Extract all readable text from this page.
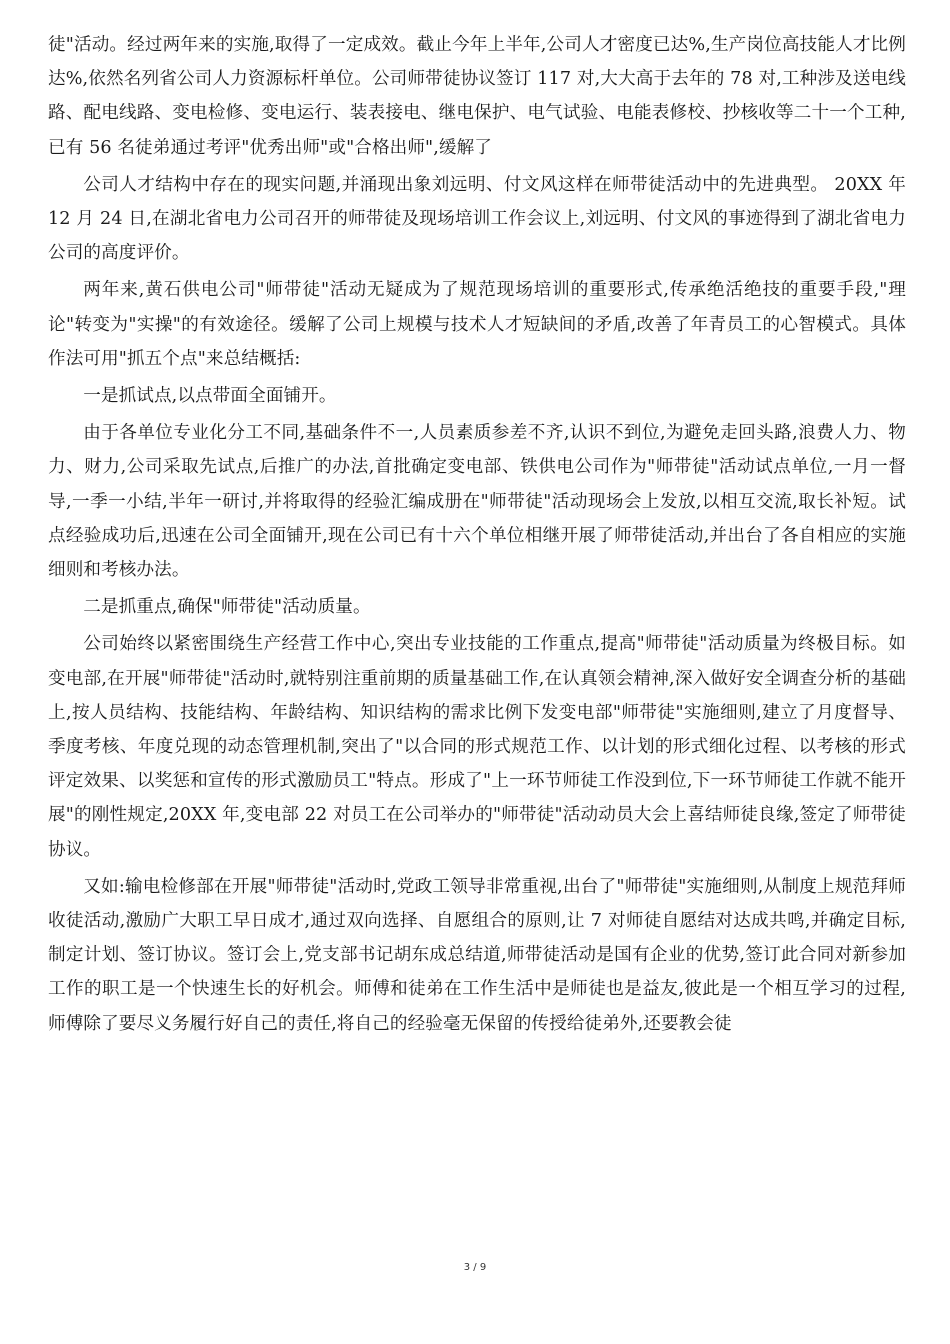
徒"活动。经过两年来的实施,取得了一定成效。截止今年上半年,公司人才密度已达%,生产岗位高技能人才比例达%,依然名列省公司人力资源标杆单位。公司师带徒协议签订 117 对,大大高于去年的 78 对,工种涉及送电线路、配电线路、变电检修、变电运行、装表接电、继电保护、电气试验、电能表修校、抄核收等二十一个工种,已有 56 名徒弟通过考评"优秀出师"或"合格出师",缓解了

公司人才结构中存在的现实问题,并涌现出象刘远明、付文风这样在师带徒活动中的先进典型。 20XX 年 12 月 24 日,在湖北省电力公司召开的师带徒及现场培训工作会议上,刘远明、付文风的事迹得到了湖北省电力公司的高度评价。

两年来,黄石供电公司"师带徒"活动无疑成为了规范现场培训的重要形式,传承绝活绝技的重要手段,"理论"转变为"实操"的有效途径。缓解了公司上规模与技术人才短缺间的矛盾,改善了年青员工的心智模式。具体作法可用"抓五个点"来总结概括:

一是抓试点,以点带面全面铺开。

由于各单位专业化分工不同,基础条件不一,人员素质参差不齐,认识不到位,为避免走回头路,浪费人力、物力、财力,公司采取先试点,后推广的办法,首批确定变电部、铁供电公司作为"师带徒"活动试点单位,一月一督导,一季一小结,半年一研讨,并将取得的经验汇编成册在"师带徒"活动现场会上发放,以相互交流,取长补短。试点经验成功后,迅速在公司全面铺开,现在公司已有十六个单位相继开展了师带徒活动,并出台了各自相应的实施细则和考核办法。

二是抓重点,确保"师带徒"活动质量。

公司始终以紧密围绕生产经营工作中心,突出专业技能的工作重点,提高"师带徒"活动质量为终极目标。如变电部,在开展"师带徒"活动时,就特别注重前期的质量基础工作,在认真领会精神,深入做好安全调查分析的基础上,按人员结构、技能结构、年龄结构、知识结构的需求比例下发变电部"师带徒"实施细则,建立了月度督导、季度考核、年度兑现的动态管理机制,突出了"以合同的形式规范工作、以计划的形式细化过程、以考核的形式评定效果、以奖惩和宣传的形式激励员工"特点。形成了"上一环节师徒工作没到位,下一环节师徒工作就不能开展"的刚性规定,20XX 年,变电部 22 对员工在公司举办的"师带徒"活动动员大会上喜结师徒良缘,签定了师带徒协议。

又如:输电检修部在开展"师带徒"活动时,党政工领导非常重视,出台了"师带徒"实施细则,从制度上规范拜师收徒活动,激励广大职工早日成才,通过双向选择、自愿组合的原则,让 7 对师徒自愿结对达成共鸣,并确定目标,制定计划、签订协议。签订会上,党支部书记胡东成总结道,师带徒活动是国有企业的优势,签订此合同对新参加工作的职工是一个快速生长的好机会。师傅和徒弟在工作生活中是师徒也是益友,彼此是一个相互学习的过程,师傅除了要尽义务履行好自己的责任,将自己的经验毫无保留的传授给徒弟外,还要教会徒

3 / 9
